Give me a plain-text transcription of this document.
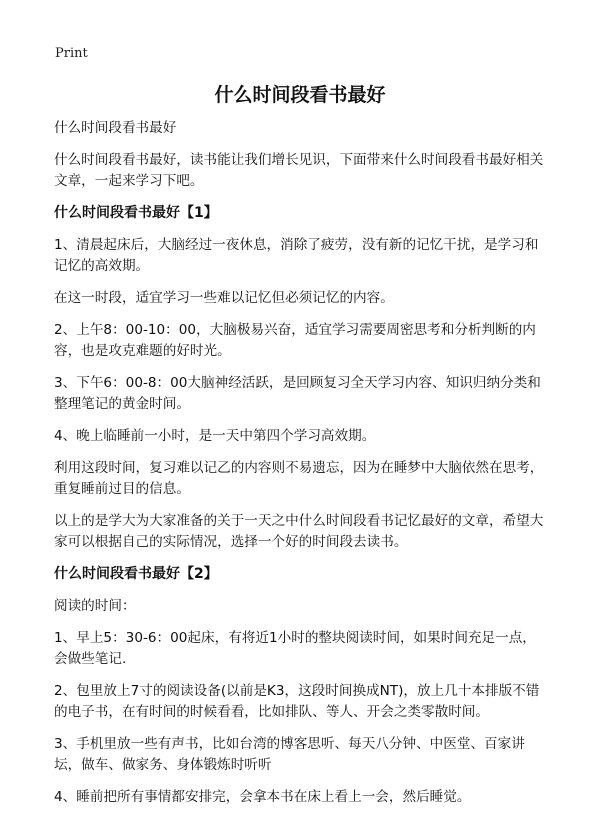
Print
什么时间段看书最好

什么时间段看书最好

什么时间段看书最好，读书能让我们增长见识，下面带来什么时间段看书最好相关文章，一起来学习下吧。

什么时间段看书最好【1】

1、清晨起床后，大脑经过一夜休息，消除了疲劳，没有新的记忆干扰，是学习和记忆的高效期。

在这一时段，适宜学习一些难以记忆但必须记忆的内容。

2、上午8：00-10：00，大脑极易兴奋，适宜学习需要周密思考和分析判断的内容，也是攻克难题的好时光。

3、下午6：00-8：00大脑神经活跃，是回顾复习全天学习内容、知识归纳分类和整理笔记的黄金时间。

4、晚上临睡前一小时，是一天中第四个学习高效期。

利用这段时间，复习难以记乙的内容则不易遗忘，因为在睡梦中大脑依然在思考，重复睡前过目的信息。

以上的是学大为大家准备的关于一天之中什么时间段看书记忆最好的文章，希望大家可以根据自己的实际情况，选择一个好的时间段去读书。

什么时间段看书最好【2】

阅读的时间：

1、早上5：30-6：00起床，有将近1小时的整块阅读时间，如果时间充足一点，会做些笔记.

2、包里放上7寸的阅读设备(以前是K3，这段时间换成NT)，放上几十本排版不错的电子书，在有时间的时候看看，比如排队、等人、开会之类零散时间。

3、手机里放一些有声书，比如台湾的博客思听、每天八分钟、中医堂、百家讲坛，做车、做家务、身体锻炼时听听

4、睡前把所有事情都安排完，会拿本书在床上看上一会，然后睡觉。
